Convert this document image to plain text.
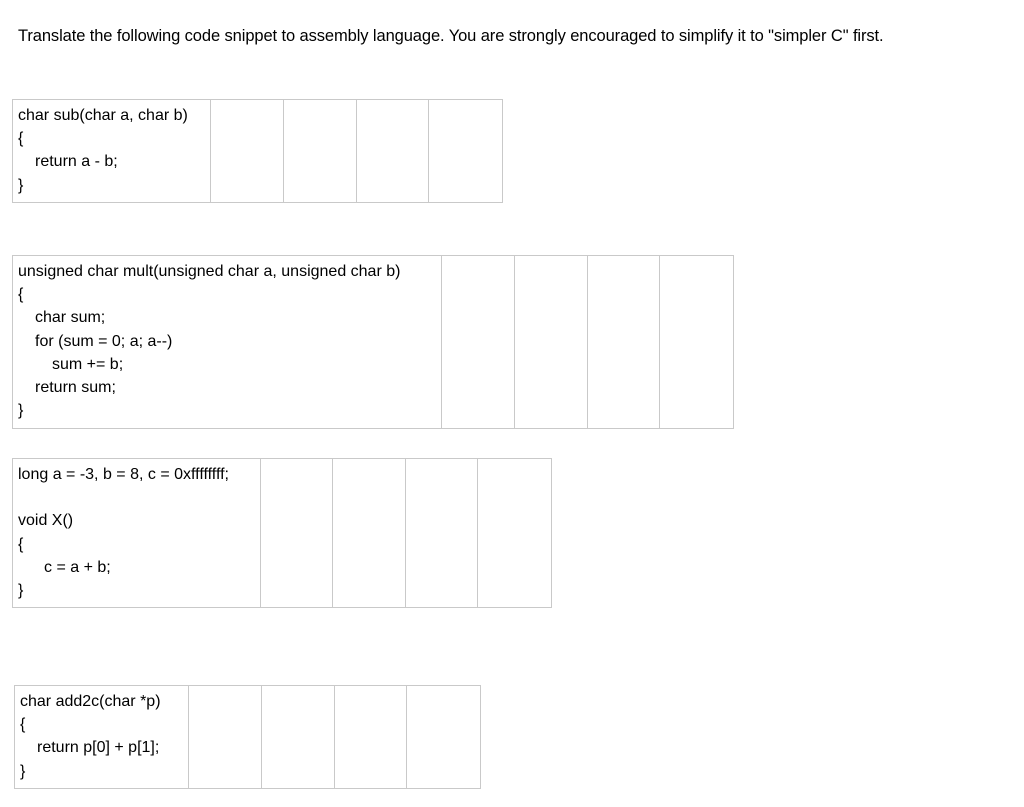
Translate the following code snippet to assembly language. You are strongly encouraged to simplify it to "simpler C" first.
char sub(char a, char b)
{
return a - b;
}
unsigned char mult(unsigned char a, unsigned char b)
{
char sum;
for (sum = 0; a; a--)
sum += b;
return sum;
}
long a = -3, b = 8, c = 0xffffffff;
void X()
{
c = a + b;
}
char add2c(char *p)
{
return p[0] + p[1];
}
